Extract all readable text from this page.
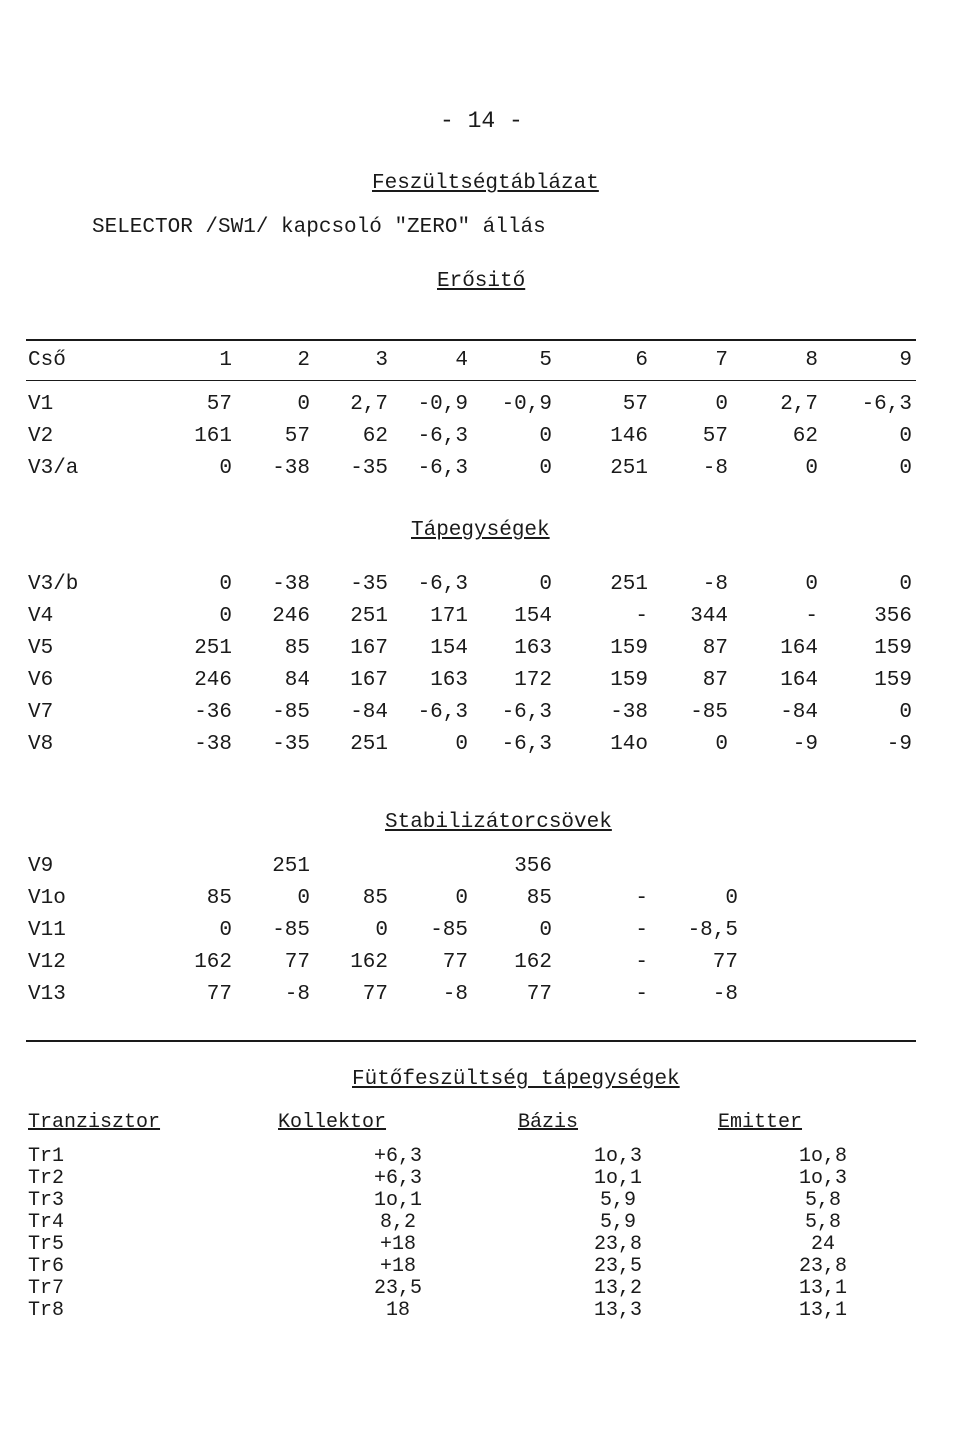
- 14 -
Feszültségtáblázat
SELECTOR /SW1/ kapcsoló "ZERO" állás
Erősitő
Cső	1	2	3	4	5	6	7	8	9
V1	57	0	2,7	-0,9	-0,9	57	0	2,7	-6,3
V2	161	57	62	-6,3	0	146	57	62	0
V3/a	0	-38	-35	-6,3	0	251	-8	0	0
Tápegységek
V3/b	0	-38	-35	-6,3	0	251	-8	0	0
V4	0	246	251	171	154	-	344	-	356
V5	251	85	167	154	163	159	87	164	159
V6	246	84	167	163	172	159	87	164	159
V7	-36	-85	-84	-6,3	-6,3	-38	-85	-84	0
V8	-38	-35	251	0	-6,3	14o	0	-9	-9
Stabilizátorcsövek
V9		251			356		
V1o	85	0	85	0	85	-	0
V11	0	-85	0	-85	0	-	-8,5
V12	162	77	162	77	162	-	77
V13	77	-8	77	-8	77	-	-8
Fütőfeszültség tápegységek
Tranzisztor	Kollektor	Bázis	Emitter
Tr1	+6,3	1o,3	1o,8
Tr2	+6,3	1o,1	1o,3
Tr3	1o,1	5,9	5,8
Tr4	8,2	5,9	5,8
Tr5	+18	23,8	24
Tr6	+18	23,5	23,8
Tr7	23,5	13,2	13,1
Tr8	18	13,3	13,1
